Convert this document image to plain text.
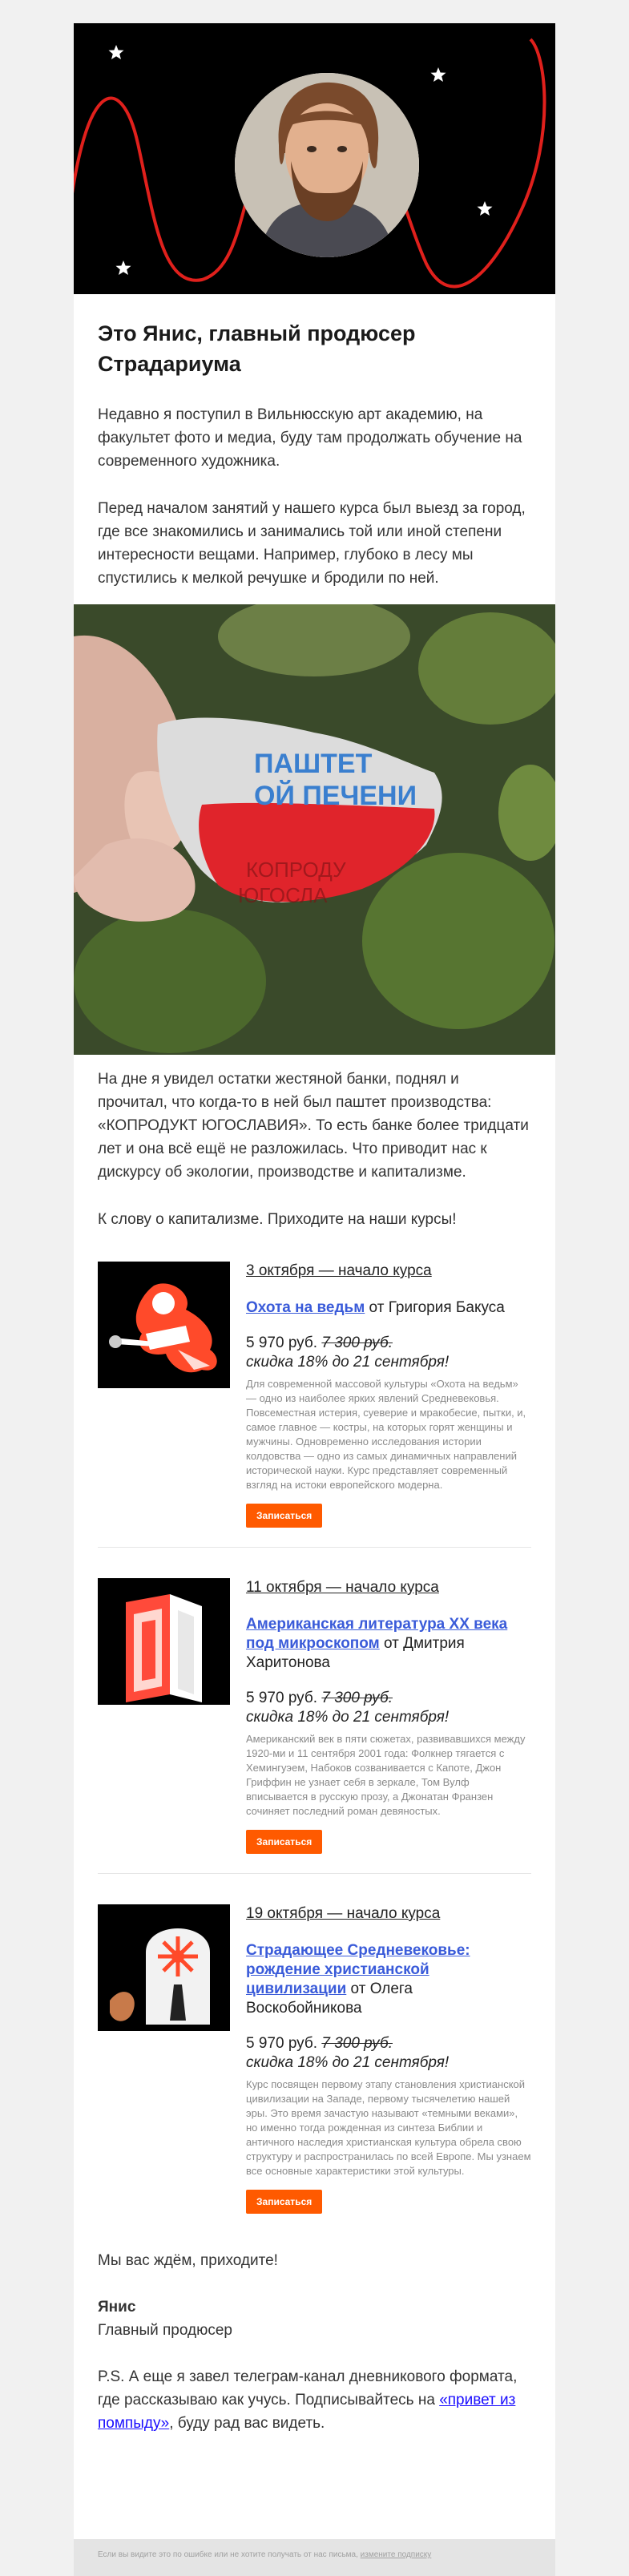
Это Янис, главный продюсер Страдариума

Недавно я поступил в Вильнюсскую арт академию, на факультет фото и медиа, буду там продолжать обучение на современного художника.

Перед началом занятий у нашего курса был выезд за город, где все знакомились и занимались той или иной степени интересности вещами. Например, глубоко в лесу мы спустились к мелкой речушке и бродили по ней.

ПАШТЕТ
ОЙ ПЕЧЕНИ
КОПРОДУ
ЮГОСЛА

На дне я увидел остатки жестяной банки, поднял и прочитал, что когда-то в ней был паштет производства: «КОПРОДУКТ ЮГОСЛАВИЯ». То есть банке более тридцати лет и она всё ещё не разложилась. Что приводит нас к дискурсу об экологии, производстве и капитализме.

К слову о капитализме. Приходите на наши курсы!

3 октября — начало курса
Охота на ведьм от Григория Бакуса
5 970 руб. 7 300 руб.
скидка 18% до 21 сентября!
Для современной массовой культуры «Охота на ведьм» — одно из наиболее ярких явлений Средневековья. Повсеместная истерия, суеверие и мракобесие, пытки, и, самое главное — костры, на которых горят женщины и мужчины. Одновременно исследования истории колдовства — одно из самых динамичных направлений исторической науки. Курс представляет современный взгляд на истоки европейского модерна.
Записаться
11 октября — начало курса
Американская литература XX века под микроскопом от Дмитрия Харитонова
5 970 руб. 7 300 руб.
скидка 18% до 21 сентября!
Американский век в пяти сюжетах, развивавшихся между 1920-ми и 11 сентября 2001 года: Фолкнер тягается с Хемингуэем, Набоков созванивается с Капоте, Джон Гриффин не узнает себя в зеркале, Том Вулф вписывается в русскую прозу, а Джонатан Франзен сочиняет последний роман девяностых.
Записаться
19 октября — начало курса
Страдающее Средневековье: рождение христианской цивилизации от Олега Воскобойникова
5 970 руб. 7 300 руб.
скидка 18% до 21 сентября!
Курс посвящен первому этапу становления христианской цивилизации на Западе, первому тысячелетию нашей эры. Это время зачастую называют «темными веками», но именно тогда рожденная из синтеза Библии и античного наследия христианская культура обрела свою структуру и распространилась по всей Европе. Мы узнаем все основные характеристики этой культуры.
Записаться

Мы вас ждём, приходите!

Янис

Главный продюсер

P.S. А еще я завел телеграм-канал дневникового формата, где рассказываю как учусь. Подписывайтесь на «привет из помпыду», буду рад вас видеть.

Если вы видите это по ошибке или не хотите получать от нас письма, измените подписку
